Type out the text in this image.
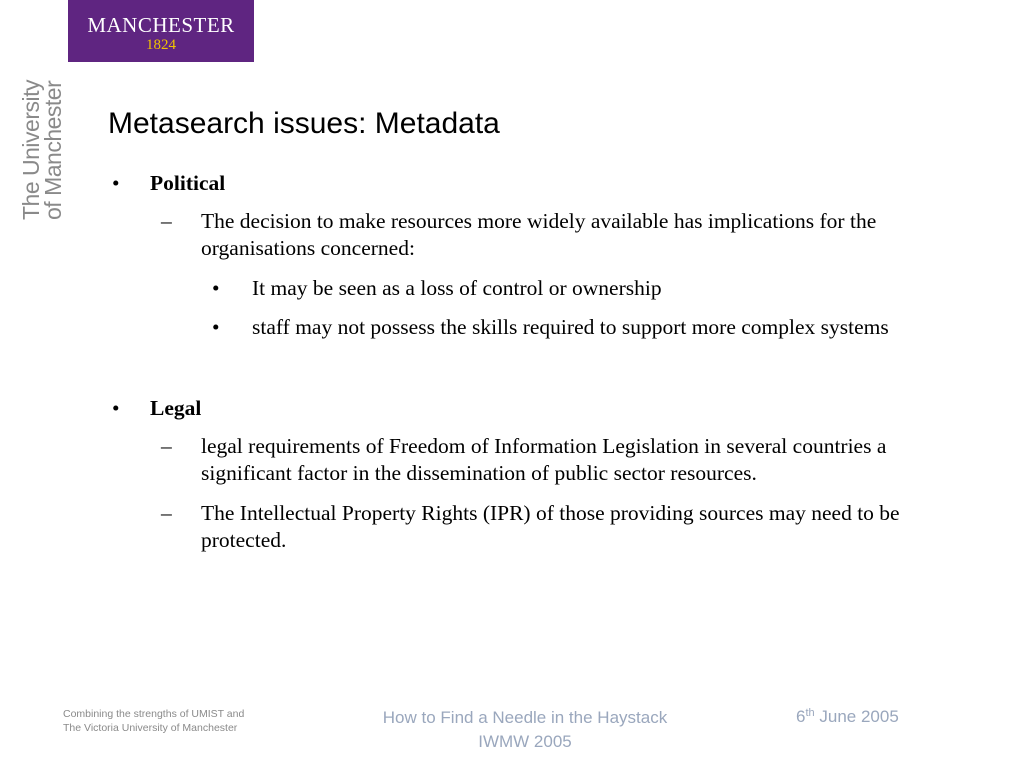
MANCHESTER
1824
The University
of Manchester Metasearch issues: Metadata
• Political
– The decision to make resources more widely available has implications for the organisations concerned:
• It may be seen as a loss of control or ownership
• staff may not possess the skills required to support more complex systems
• Legal
– legal requirements of Freedom of Information Legislation in several countries a significant factor in the dissemination of public sector resources.
– The Intellectual Property Rights (IPR) of those providing sources may need to be protected.
Combining the strengths of UMIST and
The Victoria University of Manchester
How to Find a Needle in the Haystack
IWMW 2005
6th June 2005
